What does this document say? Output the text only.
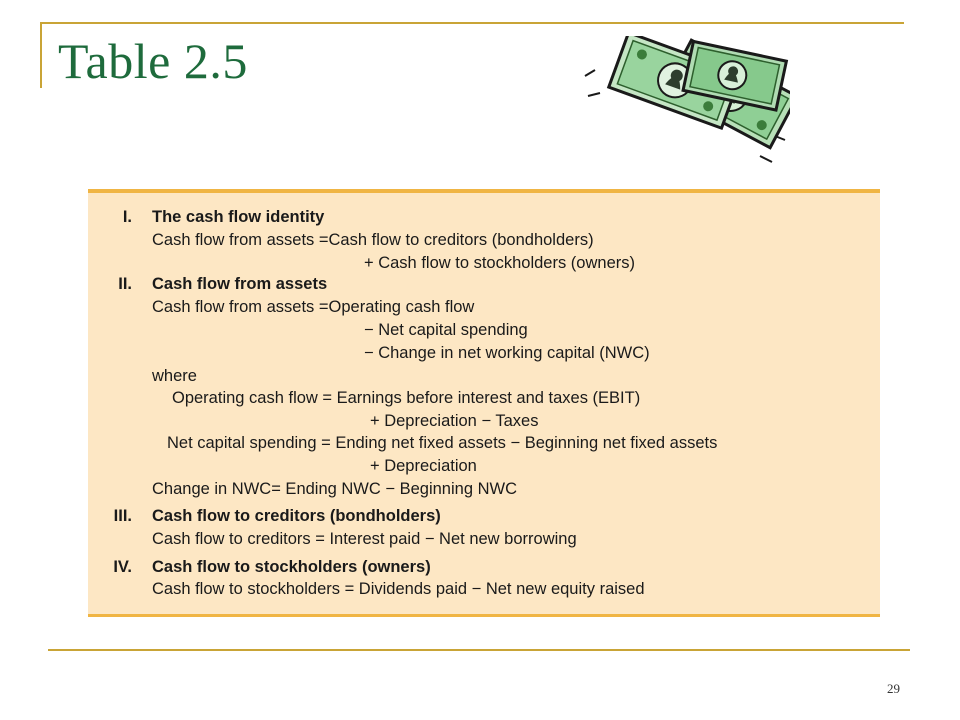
Table 2.5
I. The cash flow identity
Cash flow from assets =Cash flow to creditors (bondholders)
+ Cash flow to stockholders (owners)
II. Cash flow from assets
Cash flow from assets =Operating cash flow
− Net capital spending
− Change in net working capital (NWC)
where
Operating cash flow = Earnings before interest and taxes (EBIT)
+ Depreciation − Taxes
Net capital spending = Ending net fixed assets − Beginning net fixed assets
+ Depreciation
Change in NWC= Ending NWC − Beginning NWC
III. Cash flow to creditors (bondholders)
Cash flow to creditors = Interest paid − Net new borrowing
IV. Cash flow to stockholders (owners)
Cash flow to stockholders = Dividends paid − Net new equity raised
29
